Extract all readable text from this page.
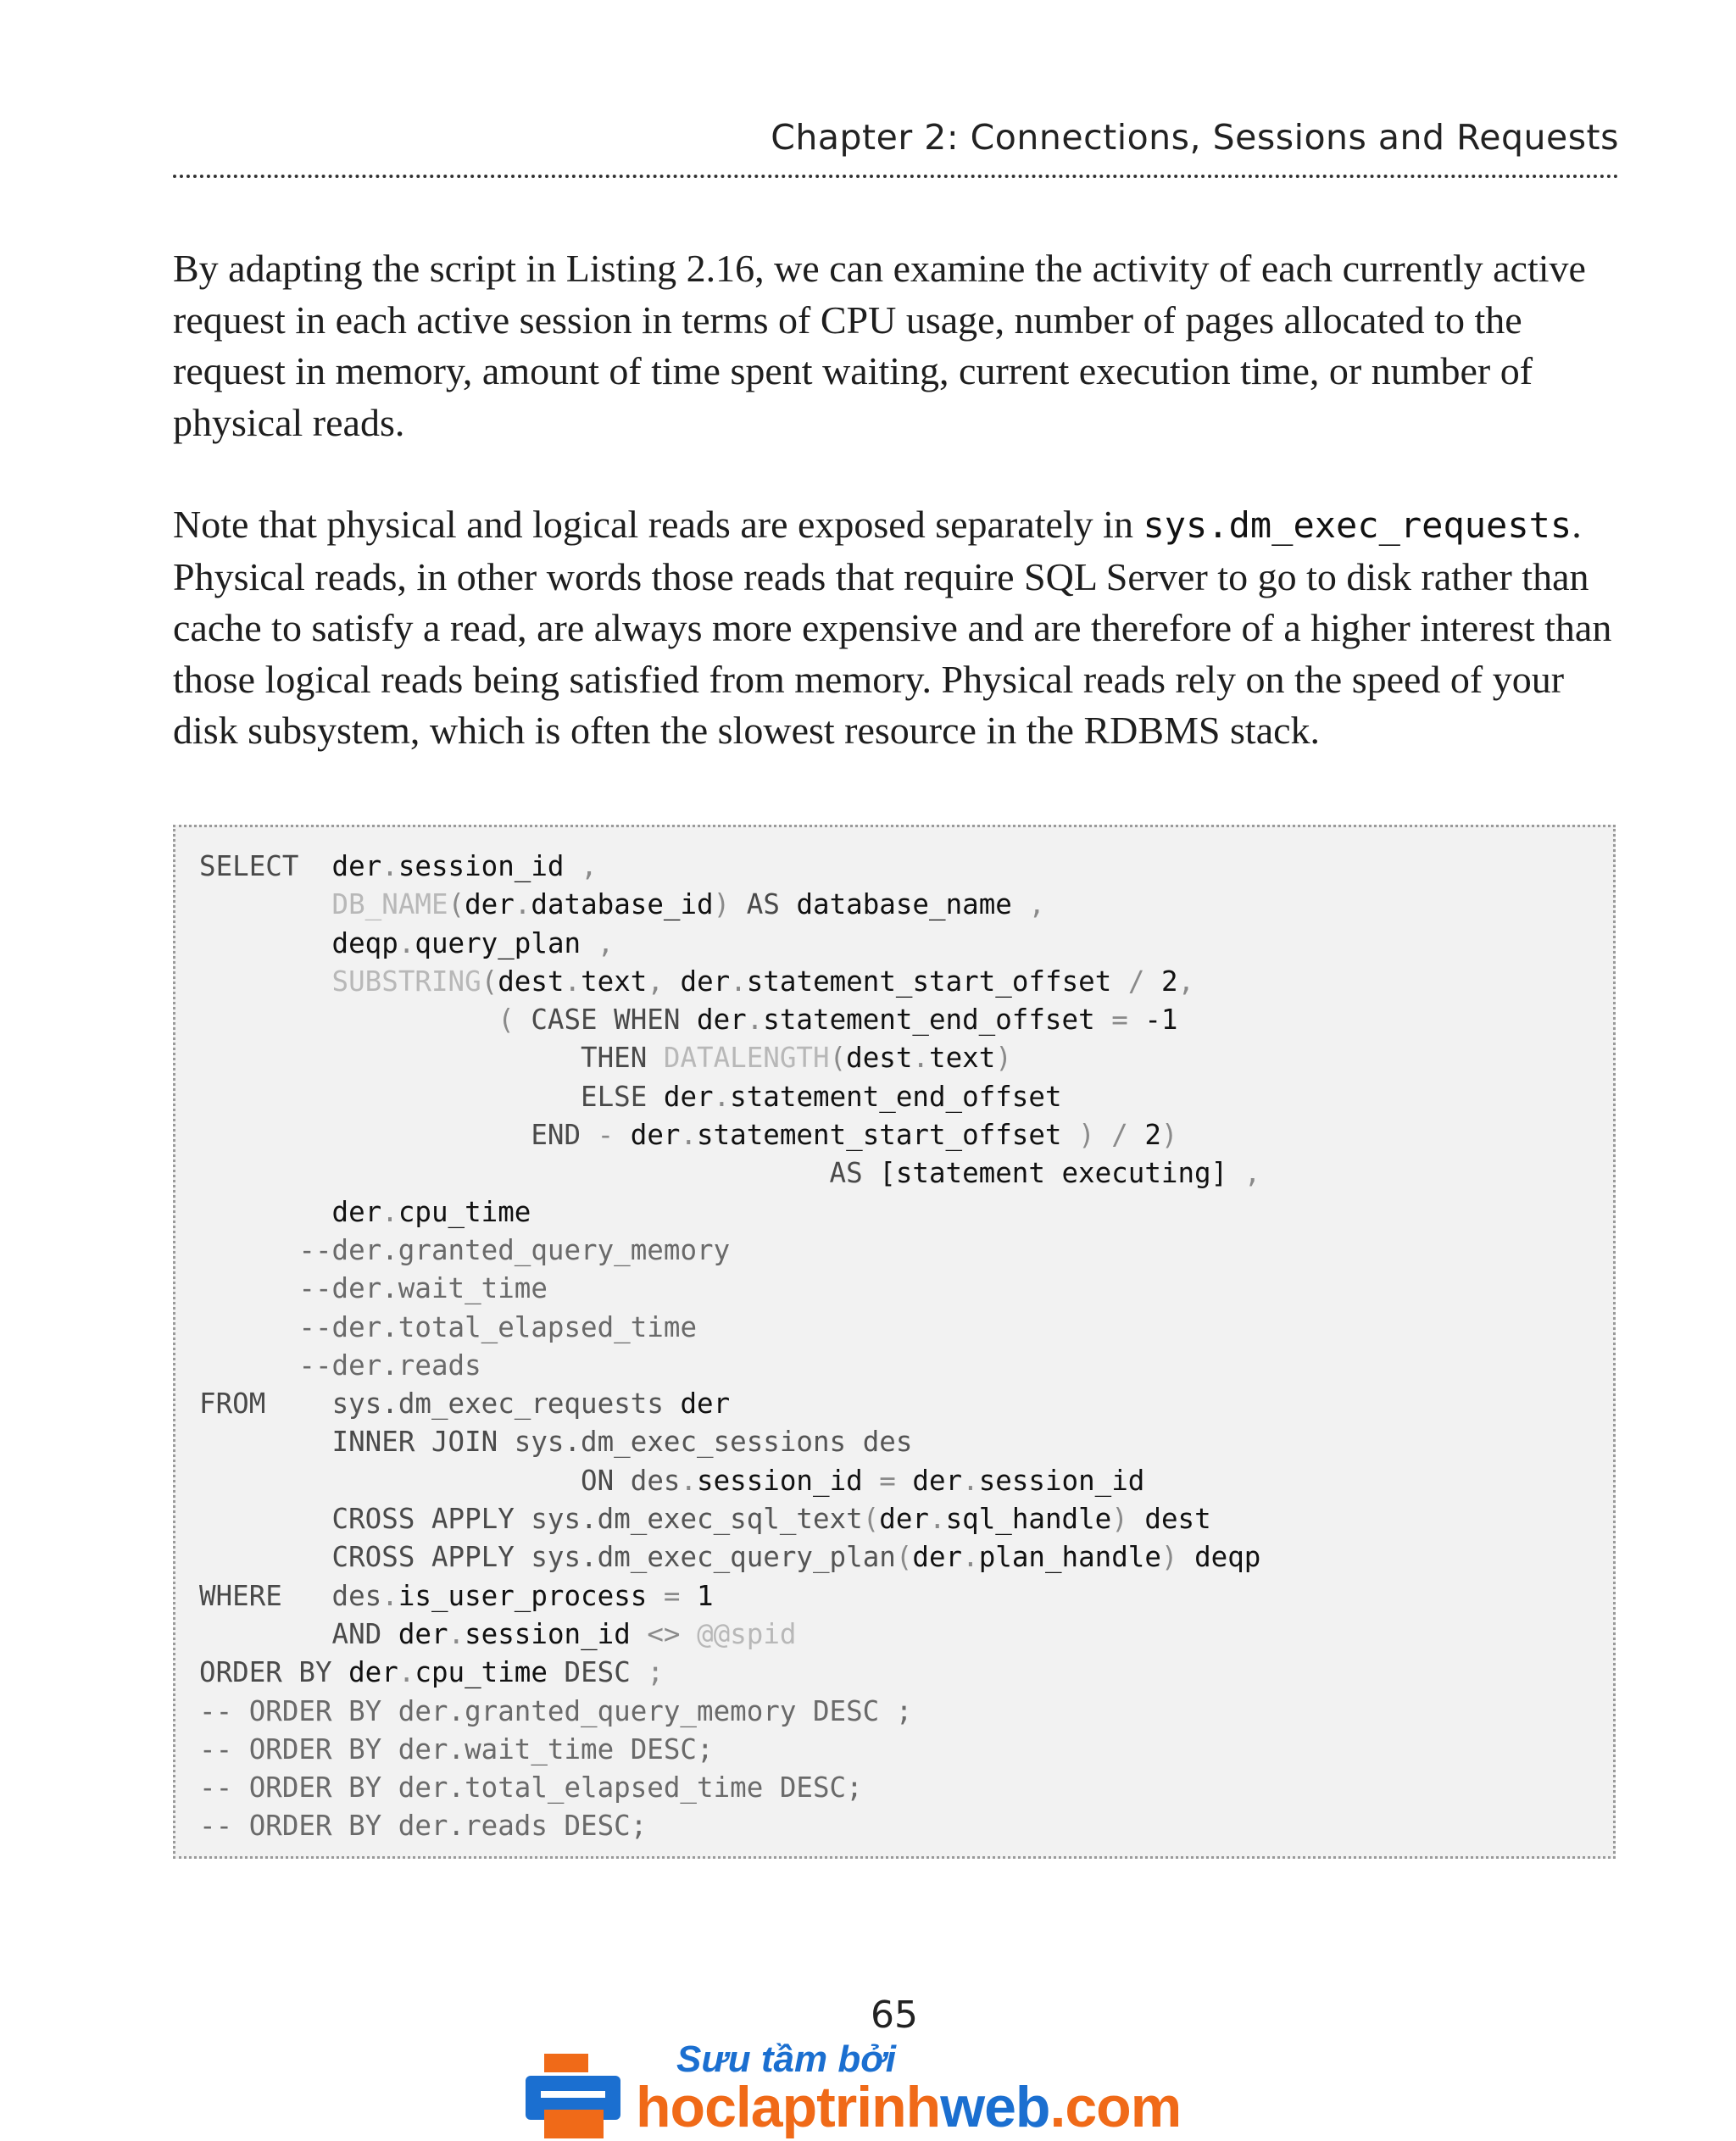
Chapter 2: Connections, Sessions and Requests

By adapting the script in Listing 2.16, we can examine the activity of each currently active request in each active session in terms of CPU usage, number of pages allocated to the request in memory, amount of time spent waiting, current execution time, or number of physical reads.

Note that physical and logical reads are exposed separately in sys.dm_exec_requests. Physical reads, in other words those reads that require SQL Server to go to disk rather than cache to satisfy a read, are always more expensive and are therefore of a higher interest than those logical reads being satisfied from memory. Physical reads rely on the speed of your disk subsystem, which is often the slowest resource in the RDBMS stack.

SELECT der.session_id ,
DB_NAME(der.database_id) AS database_name ,
deqp.query_plan ,
SUBSTRING(dest.text, der.statement_start_offset / 2,
( CASE WHEN der.statement_end_offset = -1
THEN DATALENGTH(dest.text)
ELSE der.statement_end_offset
END - der.statement_start_offset ) / 2)
AS [statement executing] ,
der.cpu_time
--der.granted_query_memory
--der.wait_time
--der.total_elapsed_time
--der.reads
FROM sys.dm_exec_requests der
INNER JOIN sys.dm_exec_sessions des
ON des.session_id = der.session_id
CROSS APPLY sys.dm_exec_sql_text(der.sql_handle) dest
CROSS APPLY sys.dm_exec_query_plan(der.plan_handle) deqp
WHERE des.is_user_process = 1
AND der.session_id <> @@spid
ORDER BY der.cpu_time DESC ;
-- ORDER BY der.granted_query_memory DESC ;
-- ORDER BY der.wait_time DESC;
-- ORDER BY der.total_elapsed_time DESC;
-- ORDER BY der.reads DESC;
65
Sưu tầm bởi
hoclaptrinhweb.com
